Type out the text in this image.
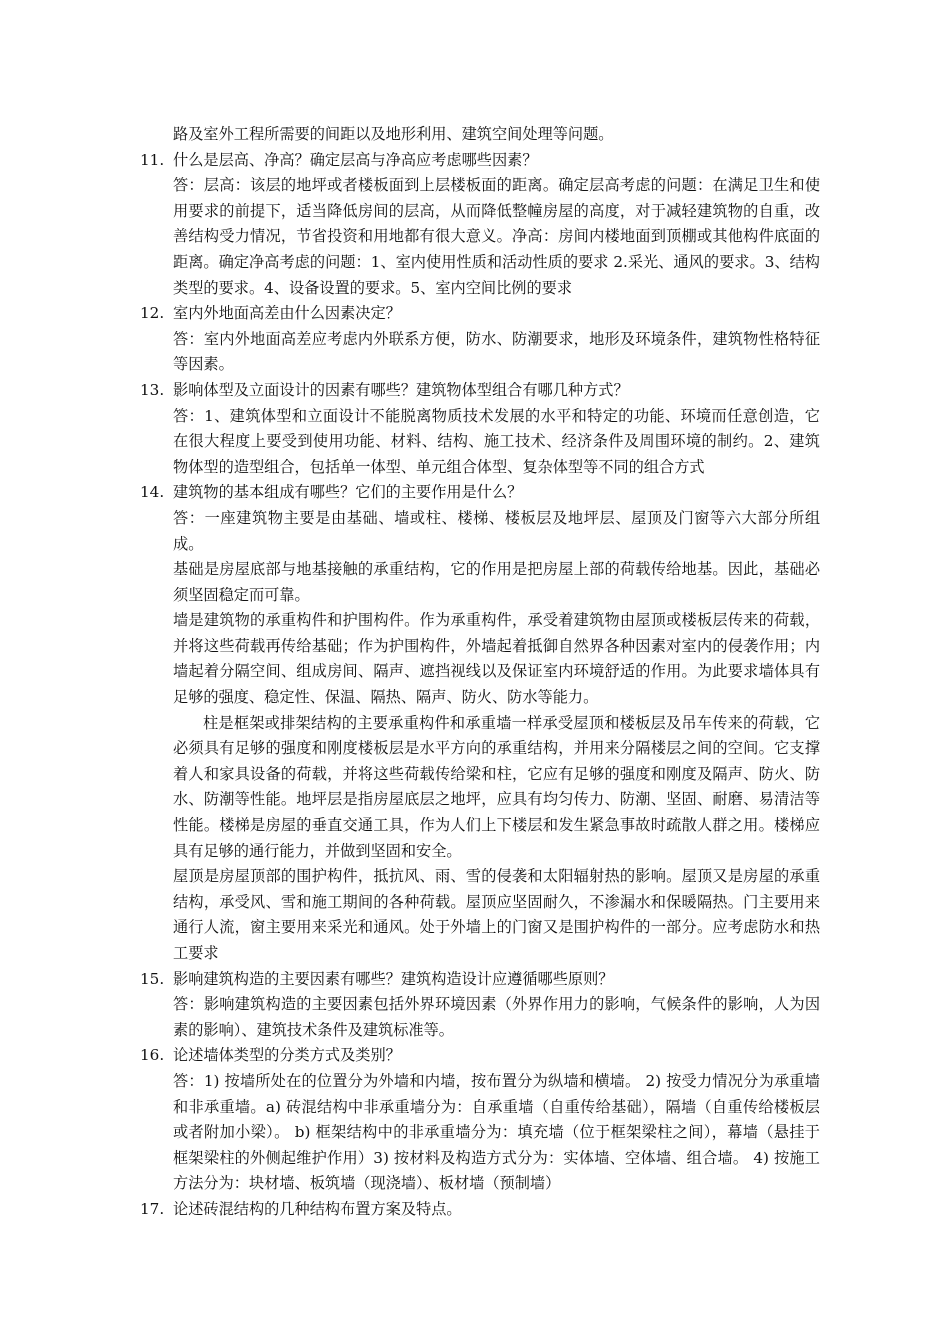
路及室外工程所需要的间距以及地形利用、建筑空间处理等问题。

11. 什么是层高、净高？确定层高与净高应考虑哪些因素？

答：层高：该层的地坪或者楼板面到上层楼板面的距离。确定层高考虑的问题：在满足卫生和使用要求的前提下，适当降低房间的层高，从而降低整幢房屋的高度，对于减轻建筑物的自重，改善结构受力情况，节省投资和用地都有很大意义。净高：房间内楼地面到顶棚或其他构件底面的距离。确定净高考虑的问题：1、室内使用性质和活动性质的要求 2.采光、通风的要求。3、结构类型的要求。4、设备设置的要求。5、室内空间比例的要求

12. 室内外地面高差由什么因素决定？

答：室内外地面高差应考虑内外联系方便，防水、防潮要求，地形及环境条件，建筑物性格特征等因素。

13. 影响体型及立面设计的因素有哪些？建筑物体型组合有哪几种方式？

答：1、建筑体型和立面设计不能脱离物质技术发展的水平和特定的功能、环境而任意创造，它在很大程度上要受到使用功能、材料、结构、施工技术、经济条件及周围环境的制约。2、建筑物体型的造型组合，包括单一体型、单元组合体型、复杂体型等不同的组合方式

14. 建筑物的基本组成有哪些？它们的主要作用是什么？

答：一座建筑物主要是由基础、墙或柱、楼梯、楼板层及地坪层、屋顶及门窗等六大部分所组成。

基础是房屋底部与地基接触的承重结构，它的作用是把房屋上部的荷载传给地基。因此，基础必须坚固稳定而可靠。

墙是建筑物的承重构件和护围构件。作为承重构件，承受着建筑物由屋顶或楼板层传来的荷载，并将这些荷载再传给基础；作为护围构件，外墙起着抵御自然界各种因素对室内的侵袭作用；内墙起着分隔空间、组成房间、隔声、遮挡视线以及保证室内环境舒适的作用。为此要求墙体具有足够的强度、稳定性、保温、隔热、隔声、防火、防水等能力。

柱是框架或排架结构的主要承重构件和承重墙一样承受屋顶和楼板层及吊车传来的荷载，它必须具有足够的强度和刚度楼板层是水平方向的承重结构，并用来分隔楼层之间的空间。它支撑着人和家具设备的荷载，并将这些荷载传给梁和柱，它应有足够的强度和刚度及隔声、防火、防水、防潮等性能。地坪层是指房屋底层之地坪，应具有均匀传力、防潮、坚固、耐磨、易清洁等性能。楼梯是房屋的垂直交通工具，作为人们上下楼层和发生紧急事故时疏散人群之用。楼梯应具有足够的通行能力，并做到坚固和安全。

屋顶是房屋顶部的围护构件，抵抗风、雨、雪的侵袭和太阳辐射热的影响。屋顶又是房屋的承重结构，承受风、雪和施工期间的各种荷载。屋顶应坚固耐久，不渗漏水和保暖隔热。门主要用来通行人流，窗主要用来采光和通风。处于外墙上的门窗又是围护构件的一部分。应考虑防水和热工要求

15. 影响建筑构造的主要因素有哪些？建筑构造设计应遵循哪些原则？

答：影响建筑构造的主要因素包括外界环境因素（外界作用力的影响，气候条件的影响，人为因素的影响）、建筑技术条件及建筑标准等。

16. 论述墙体类型的分类方式及类别？

答：1) 按墙所处在的位置分为外墙和内墙，按布置分为纵墙和横墙。 2) 按受力情况分为承重墙和非承重墙。a) 砖混结构中非承重墙分为：自承重墙（自重传给基础），隔墙（自重传给楼板层或者附加小梁）。 b) 框架结构中的非承重墙分为：填充墙（位于框架梁柱之间），幕墙（悬挂于框架梁柱的外侧起维护作用）3) 按材料及构造方式分为：实体墙、空体墙、组合墙。 4) 按施工方法分为：块材墙、板筑墙（现浇墙）、板材墙（预制墙）

17. 论述砖混结构的几种结构布置方案及特点。
